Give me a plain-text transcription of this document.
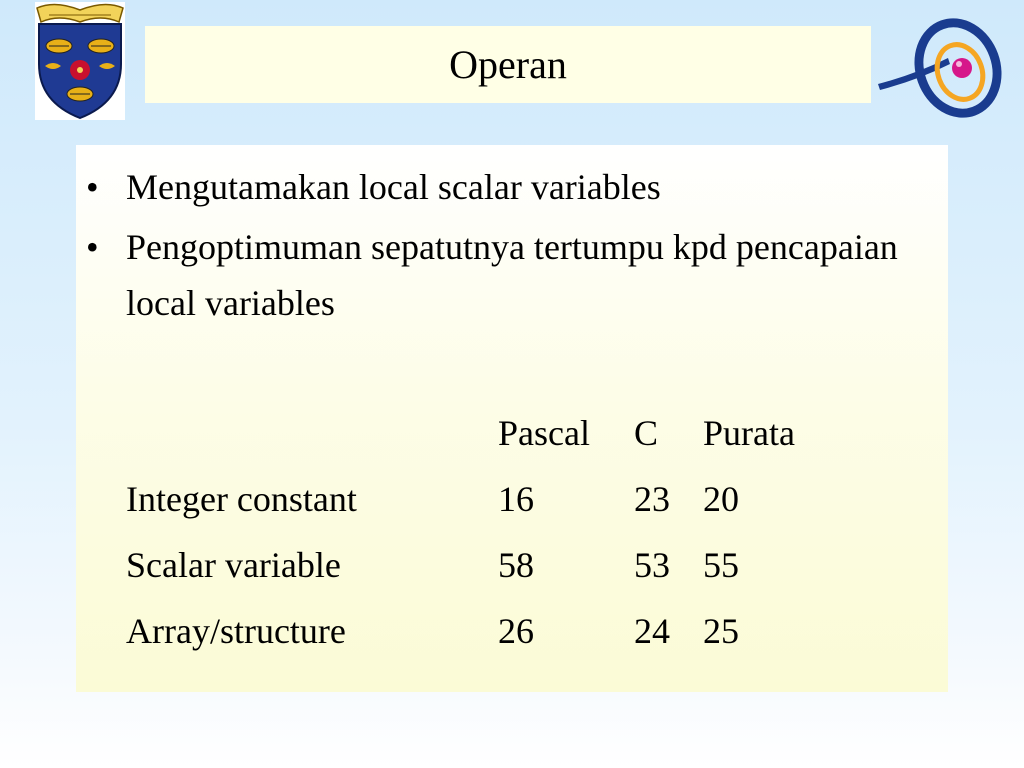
Operan
• Mengutamakan local scalar variables
• Pengoptimuman sepatutnya tertumpu kpd pencapaian local variables
	Pascal	C	Purata
Integer constant	16	23	20
Scalar variable	58	53	55
Array/structure	26	24	25
